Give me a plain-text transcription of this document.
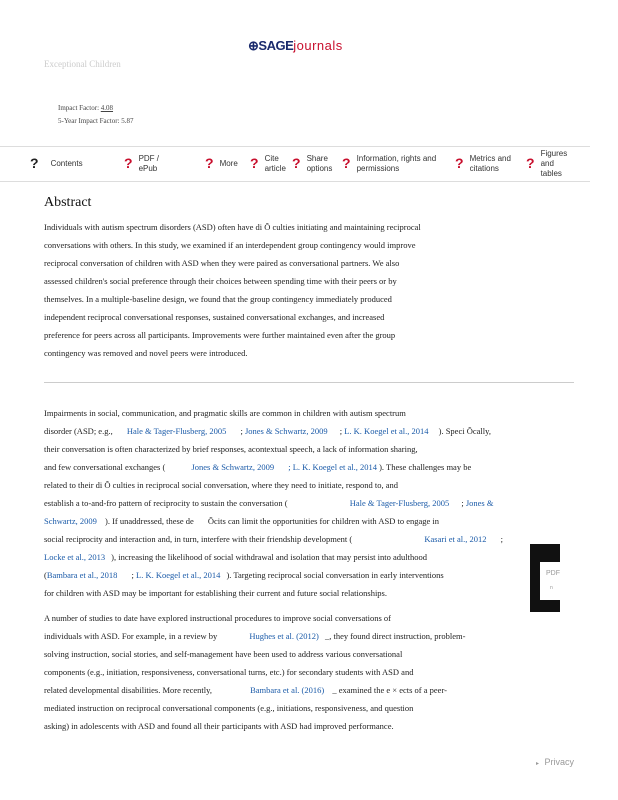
⊕SAGEjournals
Exceptional Children
Impact Factor: 4.08
5-Year Impact Factor: 5.87
? Contents	? PDF / ePub	? More ? Cite article ? Share options ? Information, rights and permissions	? Metrics and citations	?
Figures and tables
Abstract
Individuals with autism spectrum disorders (ASD) often have di Õ culties initiating and maintaining reciprocal
conversations with others. In this study, we examined if an interdependent group contingency would improve
reciprocal conversation of children with ASD when they were paired as conversational partners. We also
assessed children's social preference through their choices between spending time with their peers or by
themselves. In a multiple-baseline design, we found that the group contingency immediately produced
independent reciprocal conversational responses, sustained conversational exchanges, and increased
preference for peers across all participants. Improvements were further maintained even after the group
contingency was removed and novel peers were introduced.
Impairments in social, communication, and pragmatic skills are common in children with autism spectrum
disorder (ASD; e.g., Hale & Tager-Flusberg, 2005 ; Jones & Schwartz, 2009 ; L. K. Koegel et al., 2014 ). Speci Õcally,
their conversation is often characterized by brief responses, acontextual speech, a lack of information sharing,
and few conversational exchanges (	Jones & Schwartz, 2009 ; L. K. Koegel et al., 2014 ). These challenges may be
related to their di Õ culties in reciprocal social conversation, where they need to initiate, respond to, and
establish a to-and-fro pattern of reciprocity to sustain the conversation (	Hale & Tager-Flusberg, 2005 ; Jones &
Schwartz, 2009 ). If unaddressed, these de Õcits can limit the opportunities for children with ASD to engage in
social reciprocity and interaction and, in turn, interfere with their friendship development (	Kasari et al., 2012 ;
Locke et al., 2013 ), increasing the likelihood of social withdrawal and isolation that may persist into adulthood
(Bambara et al., 2018 ; L. K. Koegel et al., 2014 ). Targeting reciprocal social conversation in early interventions
for children with ASD may be important for establishing their current and future social relationships.
A number of studies to date have explored instructional procedures to improve social conversations of
individuals with ASD. For example, in a review by	Hughes et al. (2012) _, they found direct instruction, problem-
solving instruction, social stories, and self-management have been used to address various conversational
components (e.g., initiation, responsiveness, conversational turns, etc.) for secondary students with ASD and
related developmental disabilities. More recently,	Bambara et al. (2016) _ examined the e × ects of a peer-
mediated instruction on reciprocal conversational components (e.g., initiations, responsiveness, and question
asking) in adolescents with ASD and found all their participants with ASD had improved performance.
PDF
n
▸ Privacy
